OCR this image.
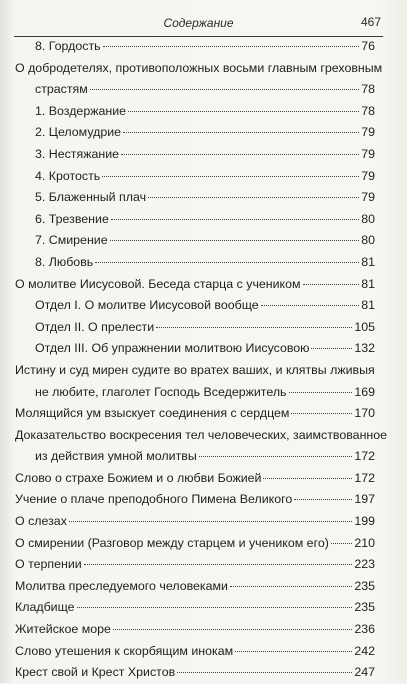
Содержание	467
8. Гордость	76
О добродетелях, противоположных восьми главным греховным
страстям	78
1. Воздержание	78
2. Целомудрие	79
3. Нестяжание	79
4. Кротость	79
5. Блаженный плач	79
6. Трезвение	80
7. Смирение	80
8. Любовь	81
О молитве Иисусовой. Беседа старца с учеником	81
Отдел I. О молитве Иисусовой вообще	81
Отдел II. О прелести	105
Отдел III. Об упражнении молитвою Иисусовою	132
Истину и суд мирен судите во вратех ваших, и клятвы лживыя
не любите, глаголет Господь Вседержитель	169
Молящийся ум взыскует соединения с сердцем	170
Доказательство воскресения тел человеческих, заимствованное
из действия умной молитвы	172
Слово о страхе Божием и о любви Божией	172
Учение о плаче преподобного Пимена Великого	197
О слезах	199
О смирении (Разговор между старцем и учеником его) 210
О терпении	223
Молитва преследуемого человеками	235
Кладбище	235
Житейское море	236
Слово утешения к скорбящим инокам	242
Крест свой и Крест Христов	247
